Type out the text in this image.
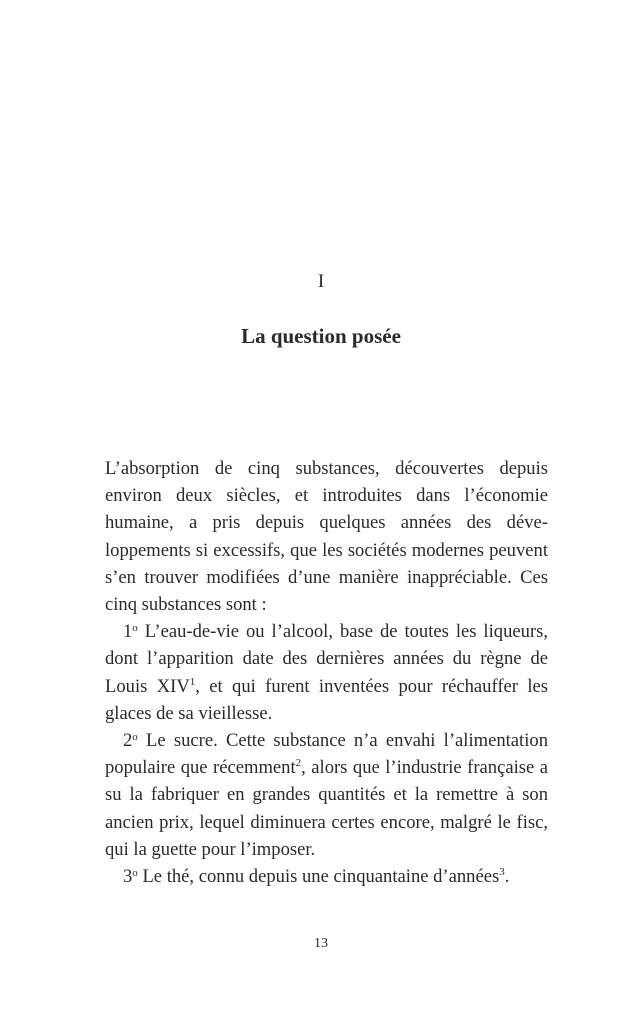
I
La question posée

L’absorption de cinq substances, découvertes depuis environ deux siècles, et introduites dans l’économie humaine, a pris depuis quelques années des développements si excessifs, que les sociétés modernes peuvent s’en trouver modifiées d’une manière inappréciable. Ces cinq substances sont :

1$^o$ L’eau-de-vie ou l’alcool, base de toutes les liqueurs, dont l’apparition date des dernières années du règne de Louis XIV$^1$, et qui furent inventées pour réchauffer les glaces de sa vieillesse.

2$^o$ Le sucre. Cette substance n’a envahi l’alimentation populaire que récemment$^2$, alors que l’industrie française a su la fabriquer en grandes quantités et la remettre à son ancien prix, lequel diminuera certes encore, malgré le fisc, qui la guette pour l’imposer.

3$^o$ Le thé, connu depuis une cinquantaine d’années$^3$.

13
